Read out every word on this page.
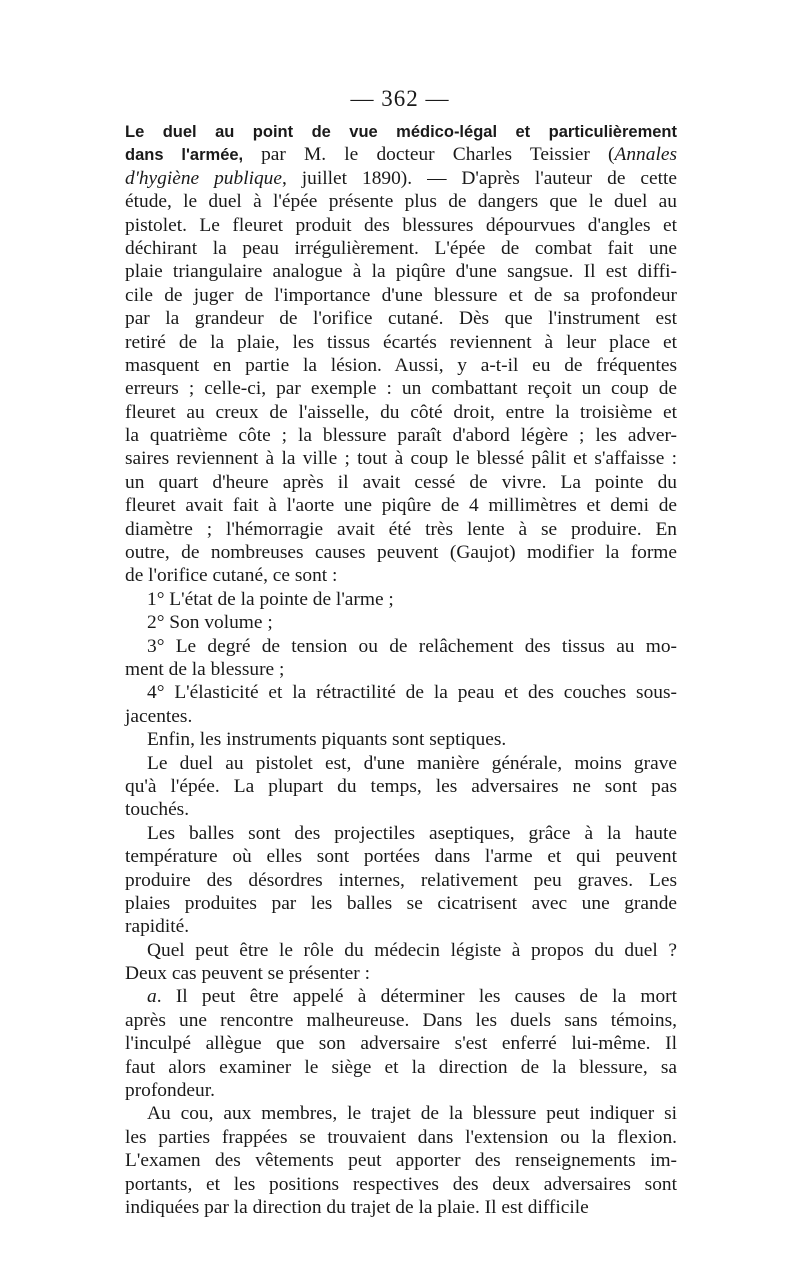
— 362 —
Le duel au point de vue médico-légal et particulièrement
dans l'armée, par M. le docteur Charles Teissier (Annales
d'hygiène publique, juillet 1890). — D'après l'auteur de cette
étude, le duel à l'épée présente plus de dangers que le duel au
pistolet. Le fleuret produit des blessures dépourvues d'angles et
déchirant la peau irrégulièrement. L'épée de combat fait une
plaie triangulaire analogue à la piqûre d'une sangsue. Il est diffi-
cile de juger de l'importance d'une blessure et de sa profondeur
par la grandeur de l'orifice cutané. Dès que l'instrument est
retiré de la plaie, les tissus écartés reviennent à leur place et
masquent en partie la lésion. Aussi, y a-t-il eu de fréquentes
erreurs ; celle-ci, par exemple : un combattant reçoit un coup de
fleuret au creux de l'aisselle, du côté droit, entre la troisième et
la quatrième côte ; la blessure paraît d'abord légère ; les adver-
saires reviennent à la ville ; tout à coup le blessé pâlit et s'affaisse :
un quart d'heure après il avait cessé de vivre. La pointe du
fleuret avait fait à l'aorte une piqûre de 4 millimètres et demi de
diamètre ; l'hémorragie avait été très lente à se produire. En
outre, de nombreuses causes peuvent (Gaujot) modifier la forme
de l'orifice cutané, ce sont :
1° L'état de la pointe de l'arme ;
2° Son volume ;
3° Le degré de tension ou de relâchement des tissus au mo-
ment de la blessure ;
4° L'élasticité et la rétractilité de la peau et des couches sous-
jacentes.
Enfin, les instruments piquants sont septiques.
Le duel au pistolet est, d'une manière générale, moins grave
qu'à l'épée. La plupart du temps, les adversaires ne sont pas
touchés.
Les balles sont des projectiles aseptiques, grâce à la haute
température où elles sont portées dans l'arme et qui peuvent
produire des désordres internes, relativement peu graves. Les
plaies produites par les balles se cicatrisent avec une grande
rapidité.
Quel peut être le rôle du médecin légiste à propos du duel ?
Deux cas peuvent se présenter :
a. Il peut être appelé à déterminer les causes de la mort
après une rencontre malheureuse. Dans les duels sans témoins,
l'inculpé allègue que son adversaire s'est enferré lui-même. Il
faut alors examiner le siège et la direction de la blessure, sa
profondeur.
Au cou, aux membres, le trajet de la blessure peut indiquer si
les parties frappées se trouvaient dans l'extension ou la flexion.
L'examen des vêtements peut apporter des renseignements im-
portants, et les positions respectives des deux adversaires sont
indiquées par la direction du trajet de la plaie. Il est difficile
